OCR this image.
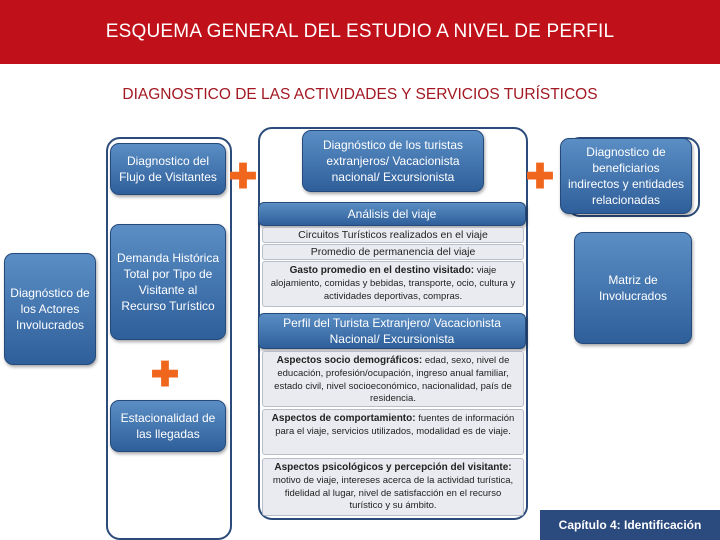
ESQUEMA GENERAL DEL ESTUDIO A NIVEL DE PERFIL
DIAGNOSTICO DE LAS ACTIVIDADES Y SERVICIOS TURÍSTICOS
Diagnóstico de los Actores Involucrados
Diagnostico del Flujo de Visitantes
Demanda Histórica Total por Tipo de Visitante al Recurso Turístico
✚
Estacionalidad de las llegadas
✚	✚
Diagnóstico de los turistas extranjeros/ Vacacionista nacional/ Excursionista
Análisis del viaje
Circuitos Turísticos realizados en el viaje
Promedio de permanencia del viaje
Gasto promedio en el destino visitado: viaje alojamiento, comidas y bebidas, transporte, ocio, cultura y actividades deportivas, compras.
Perfil del Turista Extranjero/ Vacacionista Nacional/ Excursionista
Aspectos socio demográficos: edad, sexo, nivel de educación, profesión/ocupación, ingreso anual familiar, estado civil, nivel socioeconómico, nacionalidad, país de residencia.
Aspectos de comportamiento: fuentes de información para el viaje, servicios utilizados, modalidad es de viaje.
Aspectos psicológicos y percepción del visitante:
motivo de viaje, intereses acerca de la actividad turística, fidelidad al lugar, nivel de satisfacción en el recurso turístico y su ámbito.
Diagnostico de beneficiarios indirectos y entidades relacionadas
Matriz de Involucrados
Capítulo 4: Identificación
